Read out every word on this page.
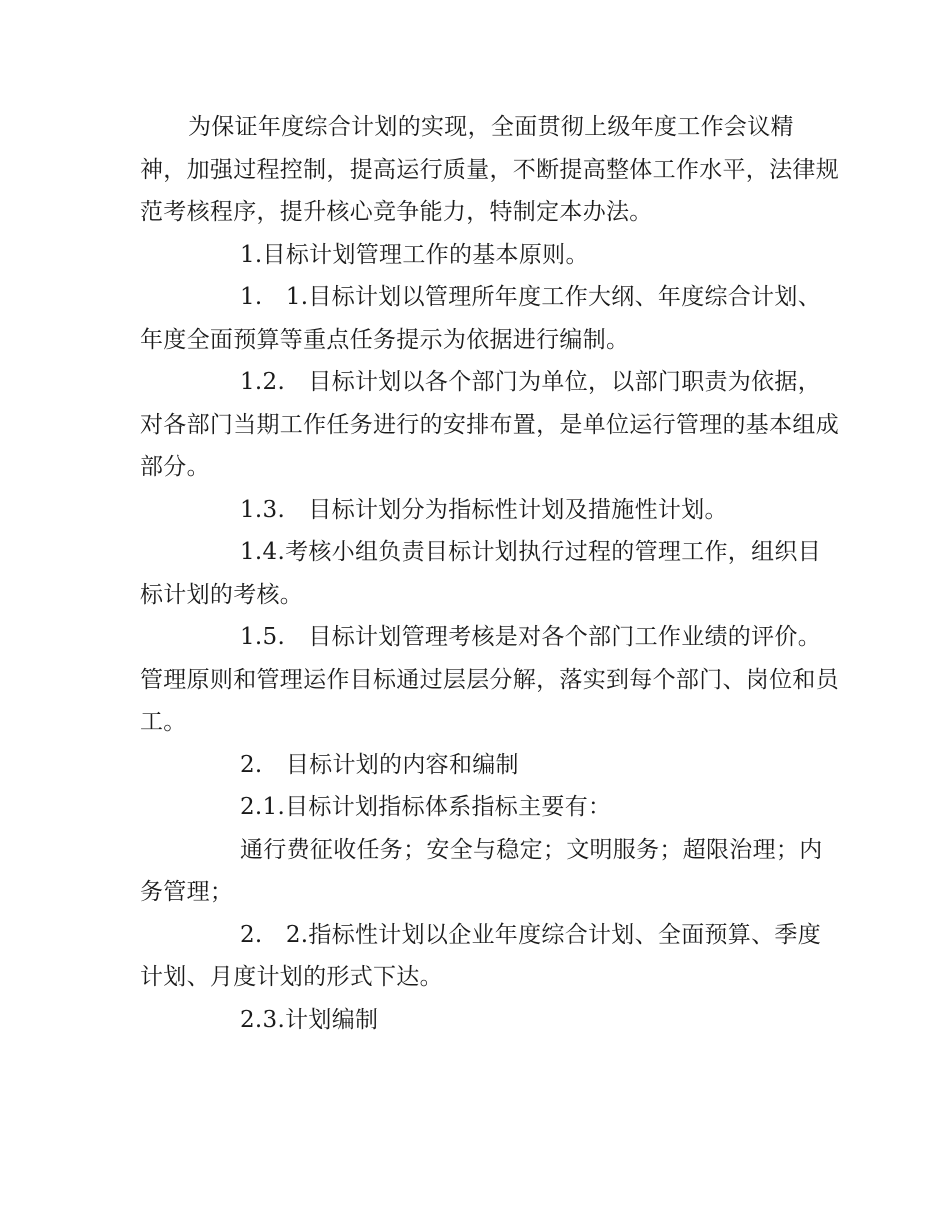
为保证年度综合计划的实现，全面贯彻上级年度工作会议精神，加强过程控制，提高运行质量，不断提高整体工作水平，法律规范考核程序，提升核心竞争能力，特制定本办法。

1.目标计划管理工作的基本原则。

1.　1.目标计划以管理所年度工作大纲、年度综合计划、年度全面预算等重点任务提示为依据进行编制。

1.2.　目标计划以各个部门为单位，以部门职责为依据，对各部门当期工作任务进行的安排布置，是单位运行管理的基本组成部分。

1.3.　目标计划分为指标性计划及措施性计划。

1.4.考核小组负责目标计划执行过程的管理工作，组织目标计划的考核。

1.5.　目标计划管理考核是对各个部门工作业绩的评价。管理原则和管理运作目标通过层层分解，落实到每个部门、岗位和员工。

2.　目标计划的内容和编制

2.1.目标计划指标体系指标主要有：

通行费征收任务；安全与稳定；文明服务；超限治理；内务管理；

2.　2.指标性计划以企业年度综合计划、全面预算、季度计划、月度计划的形式下达。

2.3.计划编制
